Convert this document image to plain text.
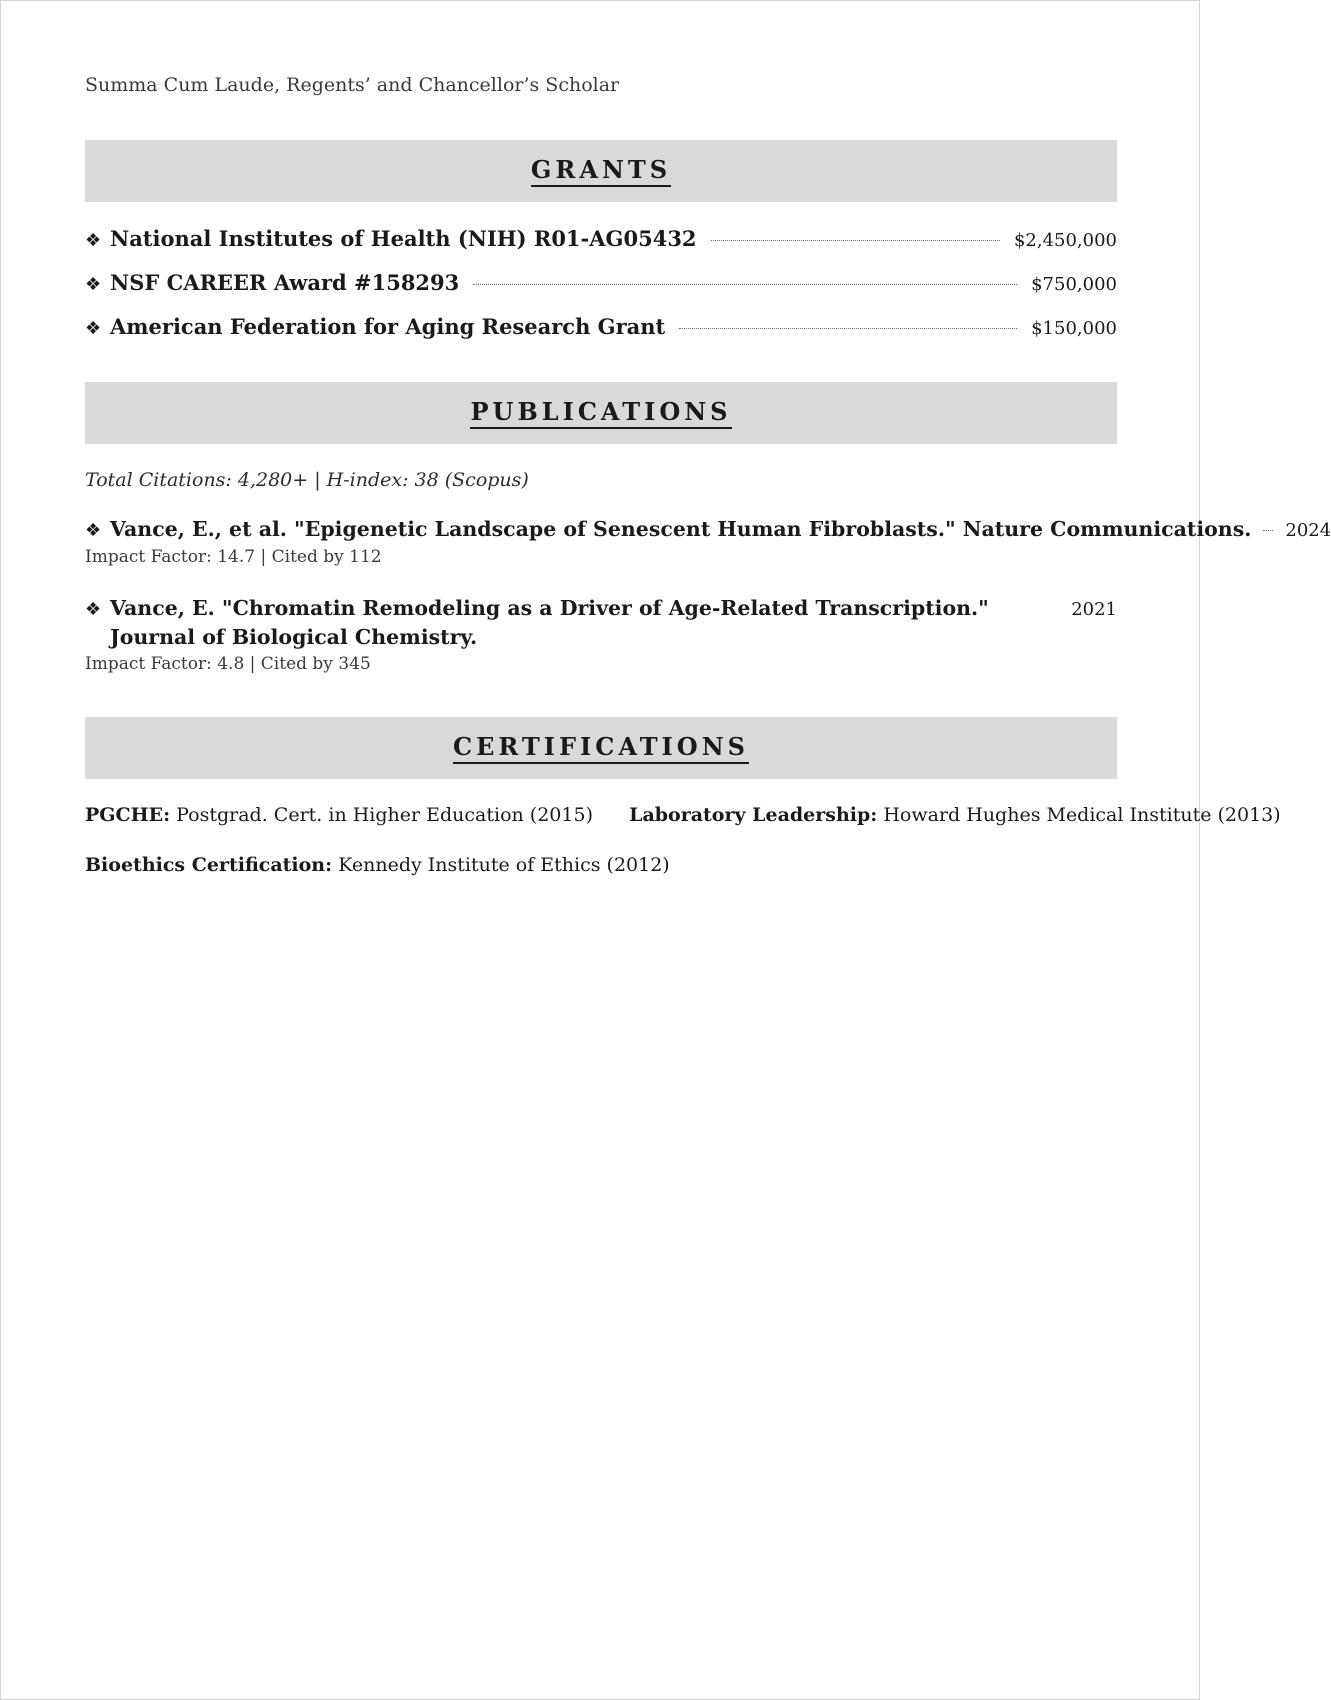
Summa Cum Laude, Regents’ and Chancellor’s Scholar
GRANTS
❖ National Institutes of Health (NIH) R01-AG05432	$2,450,000
❖ NSF CAREER Award #158293	$750,000
❖ American Federation for Aging Research Grant	$150,000
PUBLICATIONS
Total Citations: 4,280+ | H-index: 38 (Scopus)
❖ Vance, E., et al. "Epigenetic Landscape of Senescent Human Fibroblasts." Nature Communications. 2024
Impact Factor: 14.7 | Cited by 112
❖ Vance, E. "Chromatin Remodeling as a Driver of Age-Related Transcription." Journal of Biological Chemistry.
2021
Impact Factor: 4.8 | Cited by 345
CERTIFICATIONS
PGCHE: Postgrad. Cert. in Higher Education (2015) Laboratory Leadership: Howard Hughes Medical Institute (2013)
Bioethics Certification: Kennedy Institute of Ethics (2012)
